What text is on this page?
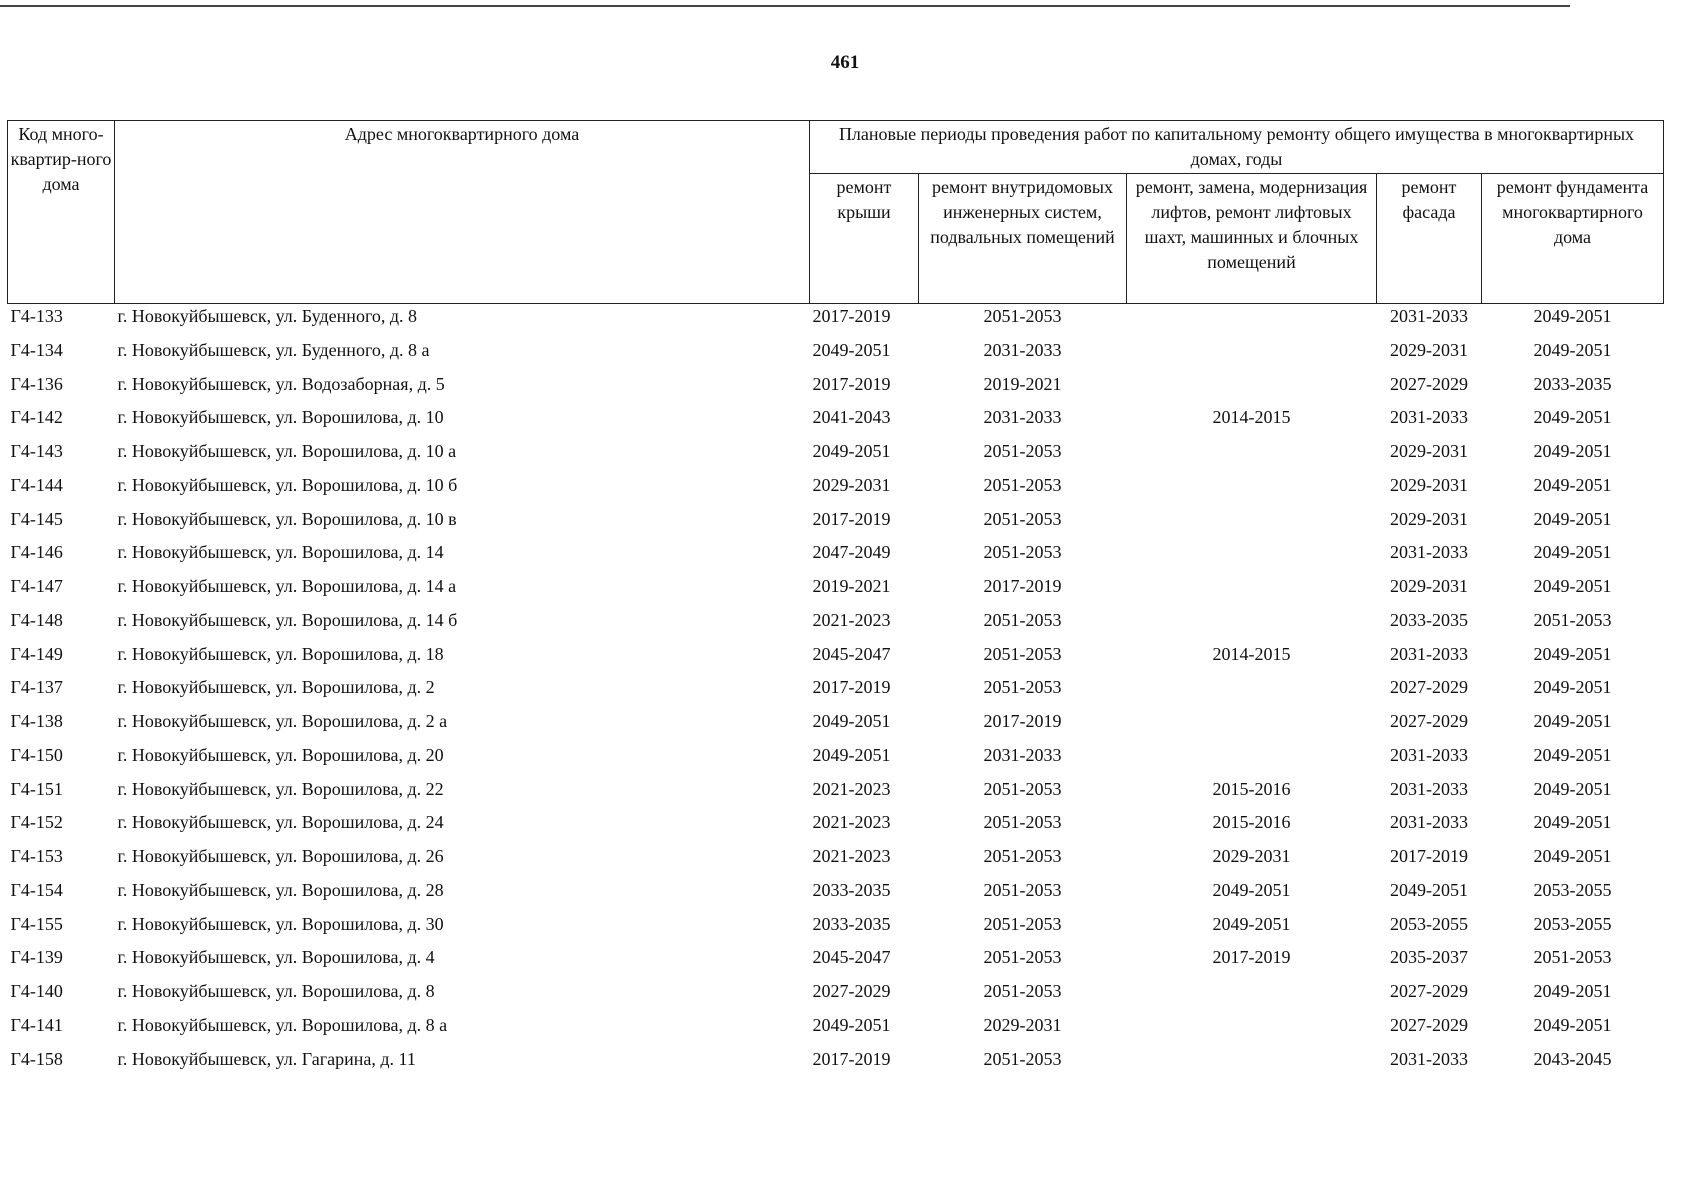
461
Код много-квартир-ного дома	Адрес многоквартирного дома	Плановые периоды проведения работ по капитальному ремонту общего имущества в многоквартирных домах, годы				
		ремонт крыши	ремонт внутридомовых инженерных систем, подвальных помещений	ремонт, замена, модернизация лифтов, ремонт лифтовых шахт, машинных и блочных помещений	ремонт фасада	ремонт фундамента многоквартирного дома
Г4-133	г. Новокуйбышевск, ул. Буденного, д. 8	2017-2019	2051-2053		2031-2033	2049-2051
Г4-134	г. Новокуйбышевск, ул. Буденного, д. 8 а	2049-2051	2031-2033		2029-2031	2049-2051
Г4-136	г. Новокуйбышевск, ул. Водозаборная, д. 5	2017-2019	2019-2021		2027-2029	2033-2035
Г4-142	г. Новокуйбышевск, ул. Ворошилова, д. 10	2041-2043	2031-2033	2014-2015	2031-2033	2049-2051
Г4-143	г. Новокуйбышевск, ул. Ворошилова, д. 10 а	2049-2051	2051-2053		2029-2031	2049-2051
Г4-144	г. Новокуйбышевск, ул. Ворошилова, д. 10 б	2029-2031	2051-2053		2029-2031	2049-2051
Г4-145	г. Новокуйбышевск, ул. Ворошилова, д. 10 в	2017-2019	2051-2053		2029-2031	2049-2051
Г4-146	г. Новокуйбышевск, ул. Ворошилова, д. 14	2047-2049	2051-2053		2031-2033	2049-2051
Г4-147	г. Новокуйбышевск, ул. Ворошилова, д. 14 а	2019-2021	2017-2019		2029-2031	2049-2051
Г4-148	г. Новокуйбышевск, ул. Ворошилова, д. 14 б	2021-2023	2051-2053		2033-2035	2051-2053
Г4-149	г. Новокуйбышевск, ул. Ворошилова, д. 18	2045-2047	2051-2053	2014-2015	2031-2033	2049-2051
Г4-137	г. Новокуйбышевск, ул. Ворошилова, д. 2	2017-2019	2051-2053		2027-2029	2049-2051
Г4-138	г. Новокуйбышевск, ул. Ворошилова, д. 2 а	2049-2051	2017-2019		2027-2029	2049-2051
Г4-150	г. Новокуйбышевск, ул. Ворошилова, д. 20	2049-2051	2031-2033		2031-2033	2049-2051
Г4-151	г. Новокуйбышевск, ул. Ворошилова, д. 22	2021-2023	2051-2053	2015-2016	2031-2033	2049-2051
Г4-152	г. Новокуйбышевск, ул. Ворошилова, д. 24	2021-2023	2051-2053	2015-2016	2031-2033	2049-2051
Г4-153	г. Новокуйбышевск, ул. Ворошилова, д. 26	2021-2023	2051-2053	2029-2031	2017-2019	2049-2051
Г4-154	г. Новокуйбышевск, ул. Ворошилова, д. 28	2033-2035	2051-2053	2049-2051	2049-2051	2053-2055
Г4-155	г. Новокуйбышевск, ул. Ворошилова, д. 30	2033-2035	2051-2053	2049-2051	2053-2055	2053-2055
Г4-139	г. Новокуйбышевск, ул. Ворошилова, д. 4	2045-2047	2051-2053	2017-2019	2035-2037	2051-2053
Г4-140	г. Новокуйбышевск, ул. Ворошилова, д. 8	2027-2029	2051-2053		2027-2029	2049-2051
Г4-141	г. Новокуйбышевск, ул. Ворошилова, д. 8 а	2049-2051	2029-2031		2027-2029	2049-2051
Г4-158	г. Новокуйбышевск, ул. Гагарина, д. 11	2017-2019	2051-2053		2031-2033	2043-2045
